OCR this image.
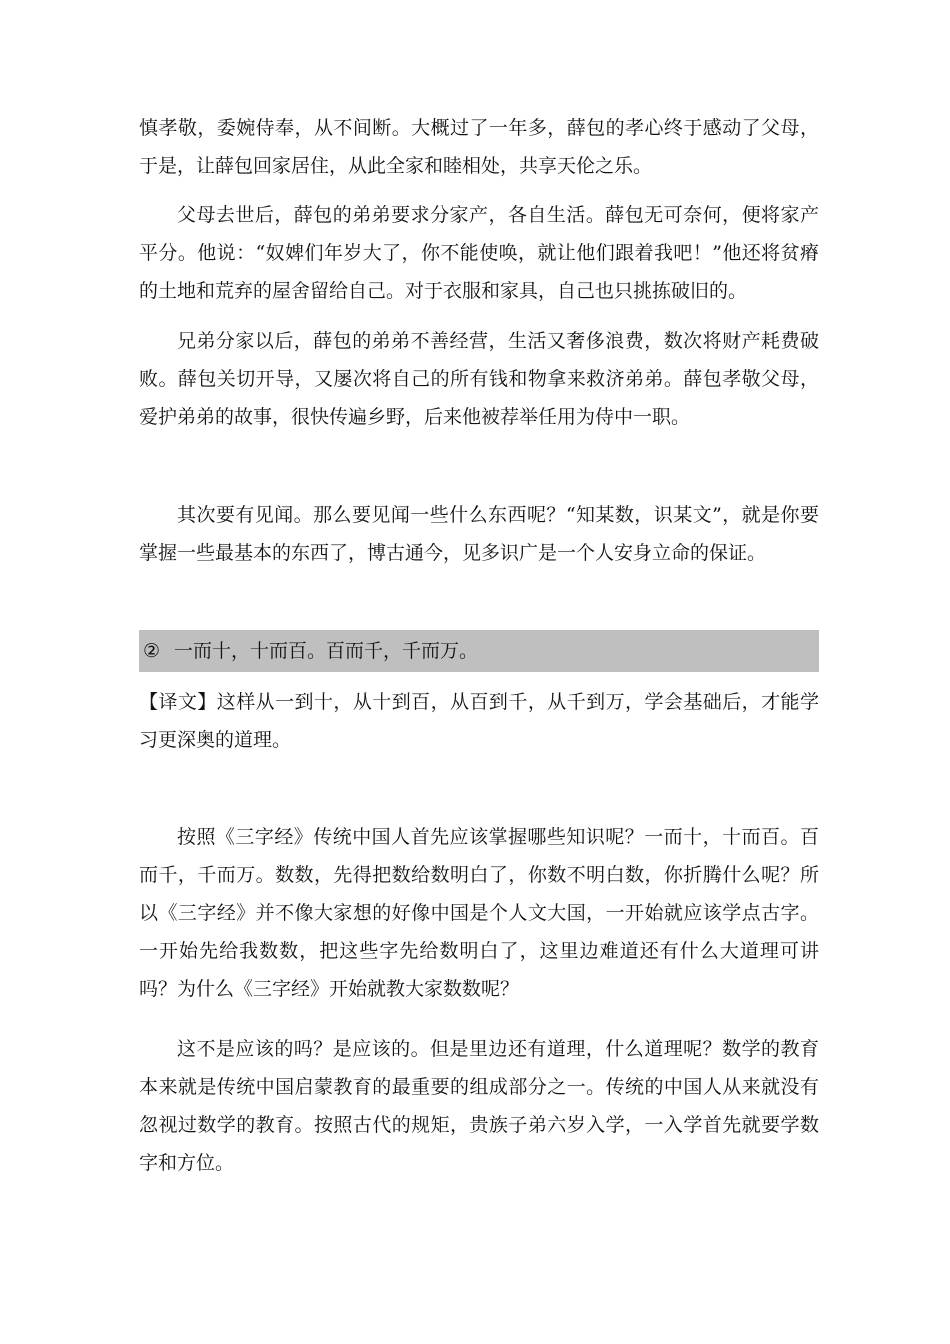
慎孝敬，委婉侍奉，从不间断。大概过了一年多，薛包的孝心终于感动了父母，于是，让薛包回家居住，从此全家和睦相处，共享天伦之乐。

父母去世后，薛包的弟弟要求分家产，各自生活。薛包无可奈何，便将家产平分。他说：“奴婢们年岁大了，你不能使唤，就让他们跟着我吧！”他还将贫瘠的土地和荒弃的屋舍留给自己。对于衣服和家具，自己也只挑拣破旧的。

兄弟分家以后，薛包的弟弟不善经营，生活又奢侈浪费，数次将财产耗费破败。薛包关切开导，又屡次将自己的所有钱和物拿来救济弟弟。薛包孝敬父母，爱护弟弟的故事，很快传遍乡野，后来他被荐举任用为侍中一职。

其次要有见闻。那么要见闻一些什么东西呢？“知某数，识某文”，就是你要掌握一些最基本的东西了，博古通今，见多识广是一个人安身立命的保证。

② 一而十，十而百。百而千，千而万。

【译文】这样从一到十，从十到百，从百到千，从千到万，学会基础后，才能学习更深奥的道理。

按照《三字经》传统中国人首先应该掌握哪些知识呢？一而十，十而百。百而千，千而万。数数，先得把数给数明白了，你数不明白数，你折腾什么呢？所以《三字经》并不像大家想的好像中国是个人文大国，一开始就应该学点古字。一开始先给我数数，把这些字先给数明白了，这里边难道还有什么大道理可讲吗？为什么《三字经》开始就教大家数数呢？

这不是应该的吗？是应该的。但是里边还有道理，什么道理呢？数学的教育本来就是传统中国启蒙教育的最重要的组成部分之一。传统的中国人从来就没有忽视过数学的教育。按照古代的规矩，贵族子弟六岁入学，一入学首先就要学数字和方位。
